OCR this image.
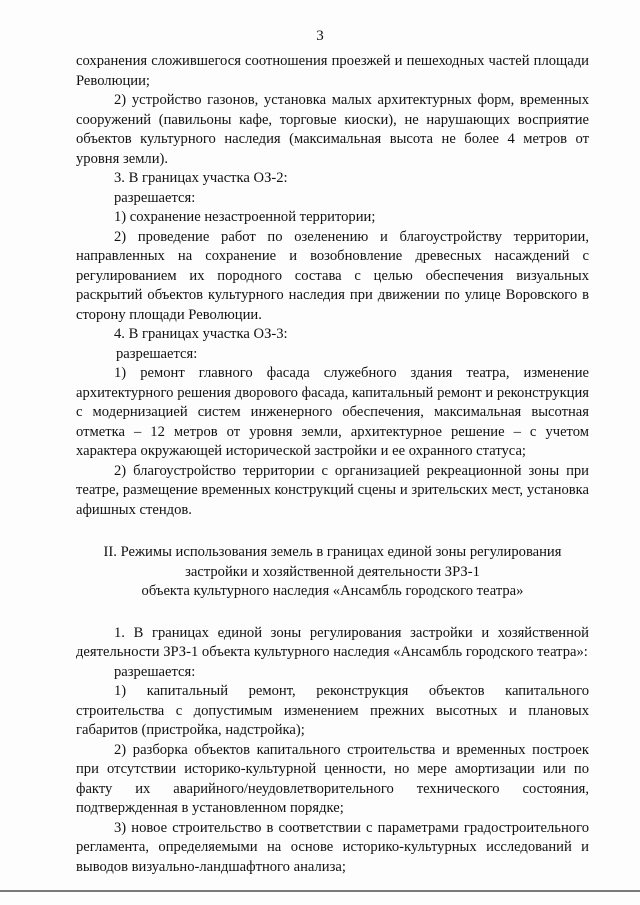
3

сохранения сложившегося соотношения проезжей и пешеходных частей площади Революции;

2) устройство газонов, установка малых архитектурных форм, временных сооружений (павильоны кафе, торговые киоски), не нарушающих восприятие объектов культурного наследия (максимальная высота не более 4 метров от уровня земли).

3. В границах участка ОЗ-2:

разрешается:

1) сохранение незастроенной территории;

2) проведение работ по озеленению и благоустройству территории, направленных на сохранение и возобновление древесных насаждений с регулированием их породного состава с целью обеспечения визуальных раскрытий объектов культурного наследия при движении по улице Воровского в сторону площади Революции.

4. В границах участка ОЗ-3:

разрешается:

1) ремонт главного фасада служебного здания театра, изменение архитектурного решения дворового фасада, капитальный ремонт и реконструкция с модернизацией систем инженерного обеспечения, максимальная высотная отметка – 12 метров от уровня земли, архитектурное решение – с учетом характера окружающей исторической застройки и ее охранного статуса;

2) благоустройство территории с организацией рекреационной зоны при театре, размещение временных конструкций сцены и зрительских мест, установка афишных стендов.

II. Режимы использования земель в границах единой зоны регулирования

застройки и хозяйственной деятельности ЗРЗ-1

объекта культурного наследия «Ансамбль городского театра»

1. В границах единой зоны регулирования застройки и хозяйственной деятельности ЗРЗ-1 объекта культурного наследия «Ансамбль городского театра»:

разрешается:

1) капитальный ремонт, реконструкция объектов капитального строительства с допустимым изменением прежних высотных и плановых габаритов (пристройка, надстройка);

2) разборка объектов капитального строительства и временных построек при отсутствии историко-культурной ценности, но мере амортизации или по факту их аварийного/неудовлетворительного технического состояния, подтвержденная в установленном порядке;

3) новое строительство в соответствии с параметрами градостроительного регламента, определяемыми на основе историко-культурных исследований и выводов визуально-ландшафтного анализа;
